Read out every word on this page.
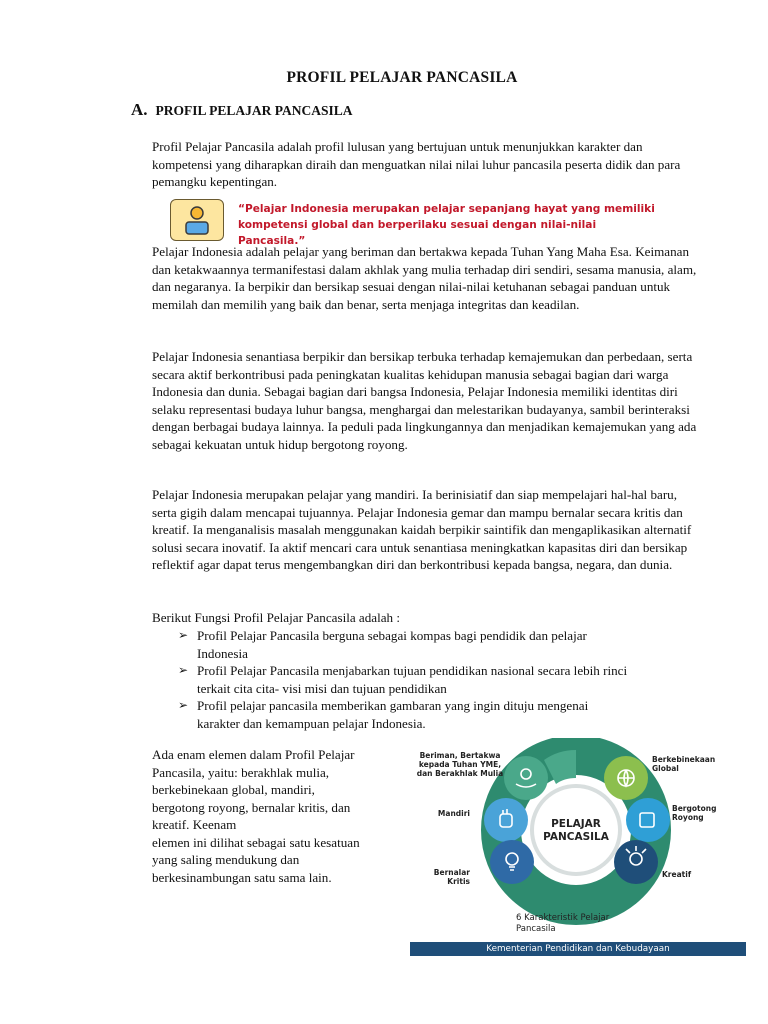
PROFIL PELAJAR PANCASILA
A. PROFIL PELAJAR PANCASILA

Profil Pelajar Pancasila adalah profil lulusan yang bertujuan untuk menunjukkan karakter dan kompetensi yang diharapkan diraih dan menguatkan nilai nilai luhur pancasila peserta didik dan para pemangku kepentingan.

“Pelajar Indonesia merupakan pelajar sepanjang hayat yang memiliki
kompetensi global dan berperilaku sesuai dengan nilai-nilai Pancasila.”

Pelajar Indonesia adalah pelajar yang beriman dan bertakwa kepada Tuhan Yang Maha Esa. Keimanan dan ketakwaannya termanifestasi dalam akhlak yang mulia terhadap diri sendiri, sesama manusia, alam, dan negaranya. Ia berpikir dan bersikap sesuai dengan nilai-nilai ketuhanan sebagai panduan untuk memilah dan memilih yang baik dan benar, serta menjaga integritas dan keadilan.

Pelajar Indonesia senantiasa berpikir dan bersikap terbuka terhadap kemajemukan dan perbedaan, serta secara aktif berkontribusi pada peningkatan kualitas kehidupan manusia sebagai bagian dari warga Indonesia dan dunia. Sebagai bagian dari bangsa Indonesia, Pelajar Indonesia memiliki identitas diri selaku representasi budaya luhur bangsa, menghargai dan melestarikan budayanya, sambil berinteraksi dengan berbagai budaya lainnya. Ia peduli pada lingkungannya dan menjadikan kemajemukan yang ada sebagai kekuatan untuk hidup bergotong royong.

Pelajar Indonesia merupakan pelajar yang mandiri. Ia berinisiatif dan siap mempelajari hal-hal baru, serta gigih dalam mencapai tujuannya. Pelajar Indonesia gemar dan mampu bernalar secara kritis dan kreatif. Ia menganalisis masalah menggunakan kaidah berpikir saintifik dan mengaplikasikan alternatif solusi secara inovatif. Ia aktif mencari cara untuk senantiasa meningkatkan kapasitas diri dan bersikap reflektif agar dapat terus mengembangkan diri dan berkontribusi kepada bangsa, negara, dan dunia.

Berikut Fungsi Profil Pelajar Pancasila adalah :

➢ Profil Pelajar Pancasila berguna sebagai kompas bagi pendidik dan pelajar
Indonesia
➢ Profil Pelajar Pancasila menjabarkan tujuan pendidikan nasional secara lebih rinci
terkait cita cita- visi misi dan tujuan pendidikan
➢ Profil pelajar pancasila memberikan gambaran yang ingin dituju mengenai
karakter dan kemampuan pelajar Indonesia.
Ada enam elemen dalam Profil Pelajar
Pancasila, yaitu: berakhlak mulia,
berkebinekaan global, mandiri,
bergotong royong, bernalar kritis, dan
kreatif. Keenam
elemen ini dilihat sebagai satu kesatuan
yang saling mendukung dan
berkesinambungan satu sama lain.
PELAJAR
PANCASILA
Beriman, Bertakwa
kepada Tuhan YME,
dan Berakhlak Mulia
Berkebinekaan
Global
Bergotong
Royong
Mandiri
Bernalar
Kritis
Kreatif
6 Karakteristik Pelajar
Pancasila
Kementerian Pendidikan dan Kebudayaan
